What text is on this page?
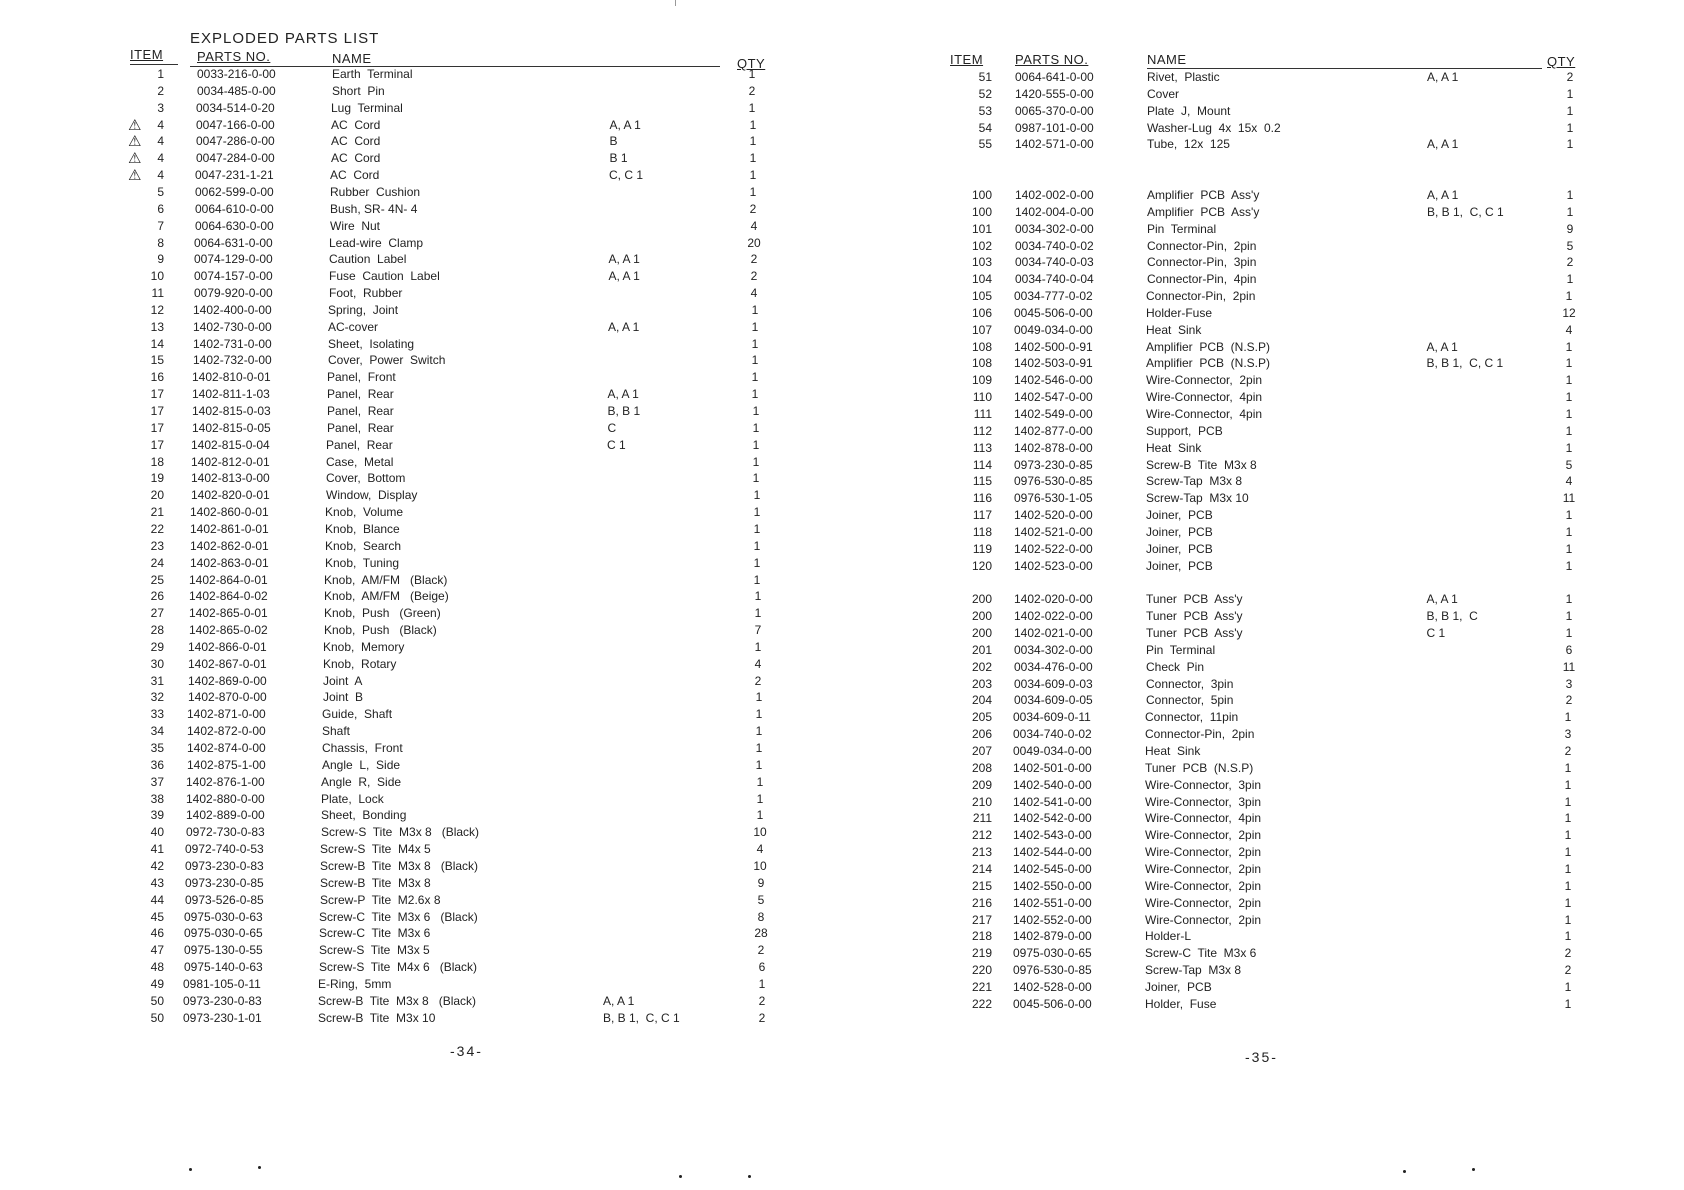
EXPLODED PARTS LIST
ITEM	PARTS NO.	NAME	QTY
1	0033-216-0-00	Earth  Terminal	1
2	0034-485-0-00	Short  Pin	2
3	0034-514-0-20	Lug  Terminal	1
⚠	4	0047-166-0-00	AC  Cord	A, A 1	1
⚠	4	0047-286-0-00	AC  Cord	B	1
⚠	4	0047-284-0-00	AC  Cord	B 1	1
⚠	4	0047-231-1-21	AC  Cord	C, C 1	1
5	0062-599-0-00	Rubber  Cushion	1
6	0064-610-0-00	Bush, SR- 4N- 4	2
7	0064-630-0-00	Wire  Nut	4
8	0064-631-0-00	Lead-wire  Clamp	20
9	0074-129-0-00	Caution  Label	A, A 1	2
10	0074-157-0-00	Fuse  Caution  Label	A, A 1	2
11	0079-920-0-00	Foot,  Rubber	4
12 1402-400-0-00	Spring,  Joint	1
13 1402-730-0-00	AC-cover	A, A 1	1
14 1402-731-0-00	Sheet,  Isolating	1
15 1402-732-0-00	Cover,  Power  Switch	1
16 1402-810-0-01	Panel,  Front	1
17 1402-811-1-03	Panel,  Rear	A, A 1	1
17 1402-815-0-03	Panel,  Rear	B, B 1	1
17 1402-815-0-05	Panel,  Rear	C	1
17 1402-815-0-04	Panel,  Rear	C 1	1
18 1402-812-0-01	Case,  Metal	1
19 1402-813-0-00	Cover,  Bottom	1
20 1402-820-0-01	Window,  Display	1
21 1402-860-0-01	Knob,  Volume	1
22 1402-861-0-01	Knob,  Blance	1
23 1402-862-0-01	Knob,  Search	1
24 1402-863-0-01	Knob,  Tuning	1
25 1402-864-0-01	Knob,  AM/FM   (Black)	1
26 1402-864-0-02	Knob,  AM/FM   (Beige)	1
27 1402-865-0-01	Knob,  Push   (Green)	1
28 1402-865-0-02	Knob,  Push   (Black)	7
29 1402-866-0-01	Knob,  Memory	1
30 1402-867-0-01	Knob,  Rotary	4
31 1402-869-0-00	Joint  A	2
32 1402-870-0-00	Joint  B	1
33 1402-871-0-00	Guide,  Shaft	1
34 1402-872-0-00	Shaft	1
35 1402-874-0-00	Chassis,  Front	1
36 1402-875-1-00	Angle  L,  Side	1
37 1402-876-1-00	Angle  R,  Side	1
38 1402-880-0-00	Plate,  Lock	1
39 1402-889-0-00	Sheet,  Bonding	1
40 0972-730-0-83	Screw-S  Tite  M3x 8   (Black)	10
41 0972-740-0-53	Screw-S  Tite  M4x 5	4
42 0973-230-0-83	Screw-B  Tite  M3x 8   (Black)	10
43 0973-230-0-85	Screw-B  Tite  M3x 8	9
44 0973-526-0-85	Screw-P  Tite  M2.6x 8	5
45 0975-030-0-63	Screw-C  Tite  M3x 6   (Black)	8
46 0975-030-0-65	Screw-C  Tite  M3x 6	28
47 0975-130-0-55	Screw-S  Tite  M3x 5	2
48 0975-140-0-63	Screw-S  Tite  M4x 6   (Black)	6
49 0981-105-0-11	E-Ring,  5mm	1
50 0973-230-0-83	Screw-B  Tite  M3x 8   (Black)	A, A 1	2
50 0973-230-1-01	Screw-B  Tite  M3x 10	B, B 1,  C, C 1	2
-34-
ITEM PARTS NO.	NAME	QTY
51 0064-641-0-00	Rivet,  Plastic	A, A 1	2
52 1420-555-0-00	Cover	1
53 0065-370-0-00	Plate  J,  Mount	1
54 0987-101-0-00	Washer-Lug  4x  15x  0.2	1
55 1402-571-0-00	Tube,  12x  125	A, A 1	1
100 1402-002-0-00	Amplifier  PCB  Ass'y	A, A 1	1
100 1402-004-0-00	Amplifier  PCB  Ass'y	B, B 1,  C, C 1	1
101 0034-302-0-00	Pin  Terminal	9
102 0034-740-0-02	Connector-Pin,  2pin	5
103 0034-740-0-03	Connector-Pin,  3pin	2
104 0034-740-0-04	Connector-Pin,  4pin	1
105 0034-777-0-02	Connector-Pin,  2pin	1
106 0045-506-0-00	Holder-Fuse	12
107 0049-034-0-00	Heat  Sink	4
108 1402-500-0-91	Amplifier  PCB  (N.S.P)	A, A 1	1
108 1402-503-0-91	Amplifier  PCB  (N.S.P)	B, B 1,  C, C 1	1
109 1402-546-0-00	Wire-Connector,  2pin	1
110 1402-547-0-00	Wire-Connector,  4pin	1
111 1402-549-0-00	Wire-Connector,  4pin	1
112 1402-877-0-00	Support,  PCB	1
113 1402-878-0-00	Heat  Sink	1
114 0973-230-0-85	Screw-B  Tite  M3x 8	5
115 0976-530-0-85	Screw-Tap  M3x 8	4
116 0976-530-1-05	Screw-Tap  M3x 10	11
117 1402-520-0-00	Joiner,  PCB	1
118 1402-521-0-00	Joiner,  PCB	1
119 1402-522-0-00	Joiner,  PCB	1
120 1402-523-0-00	Joiner,  PCB	1
200 1402-020-0-00	Tuner  PCB  Ass'y	A, A 1	1
200 1402-022-0-00	Tuner  PCB  Ass'y	B, B 1,  C	1
200 1402-021-0-00	Tuner  PCB  Ass'y	C 1	1
201 0034-302-0-00	Pin  Terminal	6
202 0034-476-0-00	Check  Pin	11
203 0034-609-0-03	Connector,  3pin	3
204 0034-609-0-05	Connector,  5pin	2
205 0034-609-0-11	Connector,  11pin	1
206 0034-740-0-02	Connector-Pin,  2pin	3
207 0049-034-0-00	Heat  Sink	2
208 1402-501-0-00	Tuner  PCB  (N.S.P)	1
209 1402-540-0-00	Wire-Connector,  3pin	1
210 1402-541-0-00	Wire-Connector,  3pin	1
211 1402-542-0-00	Wire-Connector,  4pin	1
212 1402-543-0-00	Wire-Connector,  2pin	1
213 1402-544-0-00	Wire-Connector,  2pin	1
214 1402-545-0-00	Wire-Connector,  2pin	1
215 1402-550-0-00	Wire-Connector,  2pin	1
216 1402-551-0-00	Wire-Connector,  2pin	1
217 1402-552-0-00	Wire-Connector,  2pin	1
218 1402-879-0-00	Holder-L	1
219 0975-030-0-65	Screw-C  Tite  M3x 6	2
220 0976-530-0-85	Screw-Tap  M3x 8	2
221 1402-528-0-00	Joiner,  PCB	1
222 0045-506-0-00	Holder,  Fuse	1
-35-
